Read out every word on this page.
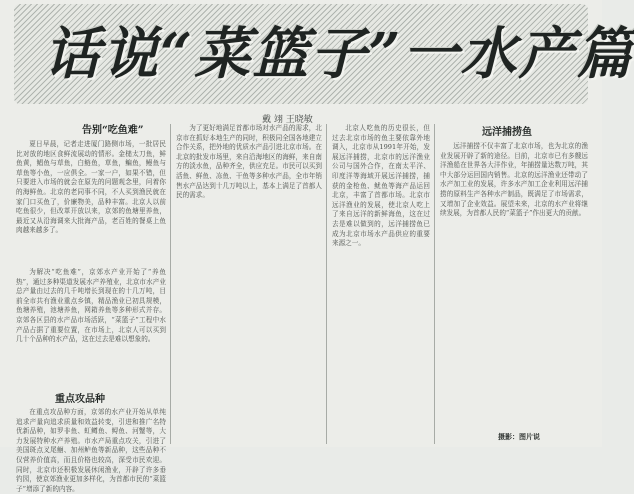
话说“菜篮子”一水产篇
戴 翊 王晓敏
告别“吃鱼难”
夏日早晨，记者走进厦门路侧市场，一批居民比对放的地区食鲜流展动的情形。金槌太刀鱼，鲜鱼黄，鲳鱼与草鱼，白鲢鱼，草鱼，鳊鱼，鳗鱼与草鱼等小鱼，一应俱全。一家一户，如果不错，但只要进入市场的就会在原先的问题观念里，问着你的海鲜鱼。北京的老同事不同，不人买到渔民就在家门口买鱼了，价廉物美，品种丰富。北京人以前吃鱼很少，但改革开放以来，京郊的鱼塘里养鱼，最近又从沿海调来大批海产品，老百姓的餐桌上鱼肉越来越多了。
为解决“吃鱼难”，京郊水产业开始了“养鱼热”，通过多种渠道发展水产养殖业，北京市水产业总产量由过去的几千吨增长到现在的十几万吨，目前全市共有渔业重点乡镇，精品渔业已初具规模，鱼塘养殖，池塘养鱼，网箱养鱼等多种形式并存。京郊各区县的水产品市场活跃，“菜篮子”工程中水产品占据了重要位置，在市场上，北京人可以买到几十个品种的水产品，这在过去是难以想象的。
重点攻品种
在重点攻品种方面，京郊的水产业开始从单纯追求产量向追求质量和效益转变，引进和推广名特优新品种，如罗非鱼、虹鳟鱼、鲟鱼、河蟹等，大力发展特种水产养殖。市水产局重点攻关，引进了美国斑点叉尾鮰、加州鲈鱼等新品种，这些品种不仅营养价值高，而且价格也较高，深受市民欢迎。同时，北京市还积极发展休闲渔业，开辟了许多垂钓园，使京郊渔业更加多样化，为首都市民的“菜篮子”增添了新的内容。
为了更好地满足首都市场对水产品的需求，北京市在抓好本地生产的同时，积极同全国各地建立合作关系，把外地的优质水产品引进北京市场。在北京的批发市场里，来自沿海地区的海鲜，来自南方的淡水鱼，品种齐全，供应充足。市民可以买到活鱼、鲜鱼、冻鱼、干鱼等多种水产品，全市年销售水产品达到十几万吨以上，基本上满足了首都人民的需求。
北京人吃鱼的历史很长，但过去北京市场的鱼主要依靠外地调入，北京市从1991年开始，发展远洋捕捞，北京市的远洋渔业公司与国外合作，在南太平洋、印度洋等海域开展远洋捕捞，捕获的金枪鱼、鱿鱼等海产品运回北京，丰富了首都市场。北京市远洋渔业的发展，使北京人吃上了来自远洋的新鲜海鱼，这在过去是难以做到的，远洋捕捞鱼已成为北京市场水产品供应的重要来源之一。
远洋捕捞鱼
远洋捕捞不仅丰富了北京市场，也为北京的渔业发展开辟了新的途径。目前，北京市已有多艘远洋渔船在世界各大洋作业，年捕捞量达数万吨，其中大部分运回国内销售。北京的远洋渔业还带动了水产加工业的发展，许多水产加工企业利用远洋捕捞的原料生产各种水产制品，既满足了市场需求，又增加了企业效益。展望未来，北京的水产业将继续发展，为首都人民的“菜篮子”作出更大的贡献。
摄影：图片说
